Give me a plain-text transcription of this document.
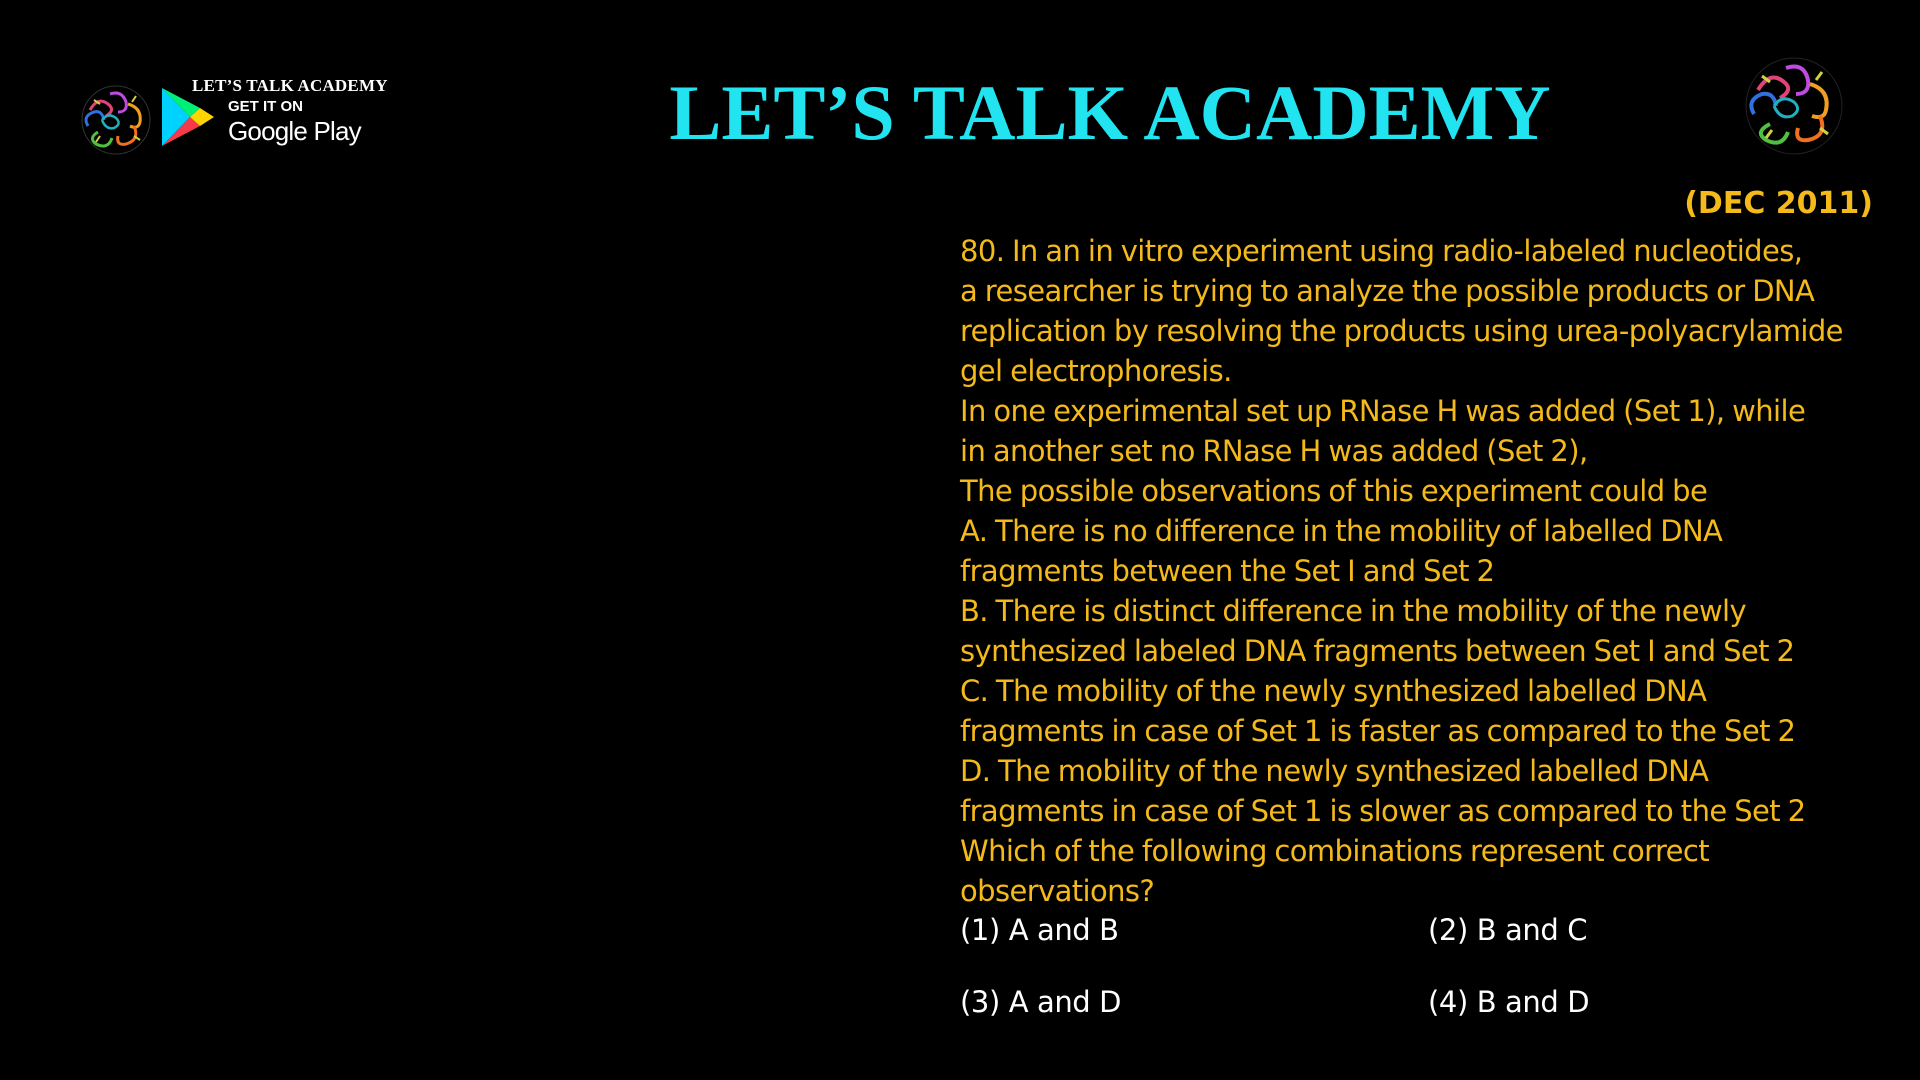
LET’S TALK ACADEMY
GET IT ON
Google Play	LET’S TALK ACADEMY
(DEC 2011)
80. In an in vitro experiment using radio-labeled nucleotides,
a researcher is trying to analyze the possible products or DNA
replication by resolving the products using urea-polyacrylamide
gel electrophoresis.
In one experimental set up RNase H was added (Set 1), while
in another set no RNase H was added (Set 2),
The possible observations of this experiment could be
A. There is no difference in the mobility of labelled DNA
fragments between the Set I and Set 2
B. There is distinct difference in the mobility of the newly
synthesized labeled DNA fragments between Set I and Set 2
C. The mobility of the newly synthesized labelled DNA
fragments in case of Set 1 is faster as compared to the Set 2
D. The mobility of the newly synthesized labelled DNA
fragments in case of Set 1 is slower as compared to the Set 2
Which of the following combinations represent correct
observations?
(1) A and B	(2) B and C
(3) A and D	(4) B and D
